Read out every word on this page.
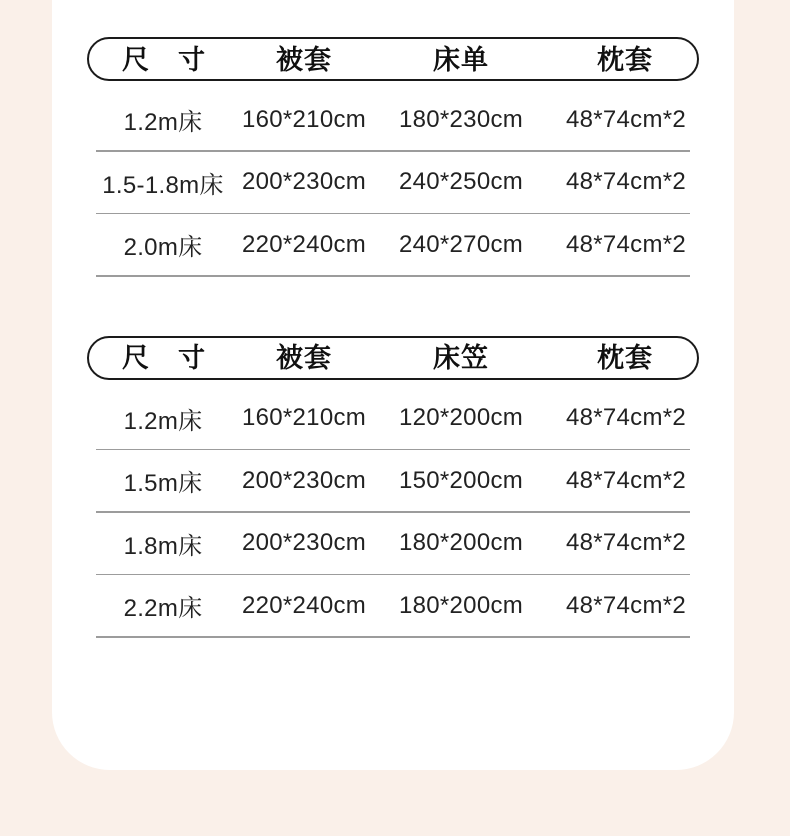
尺　寸	被套	床单	枕套
1.2m床	160*210cm	180*230cm	48*74cm*2
1.5-1.8m床 200*230cm	240*250cm	48*74cm*2
2.0m床	220*240cm	240*270cm	48*74cm*2
尺　寸	被套	床笠	枕套
1.2m床	160*210cm	120*200cm	48*74cm*2
1.5m床	200*230cm	150*200cm	48*74cm*2
1.8m床	200*230cm	180*200cm	48*74cm*2
2.2m床	220*240cm	180*200cm	48*74cm*2
